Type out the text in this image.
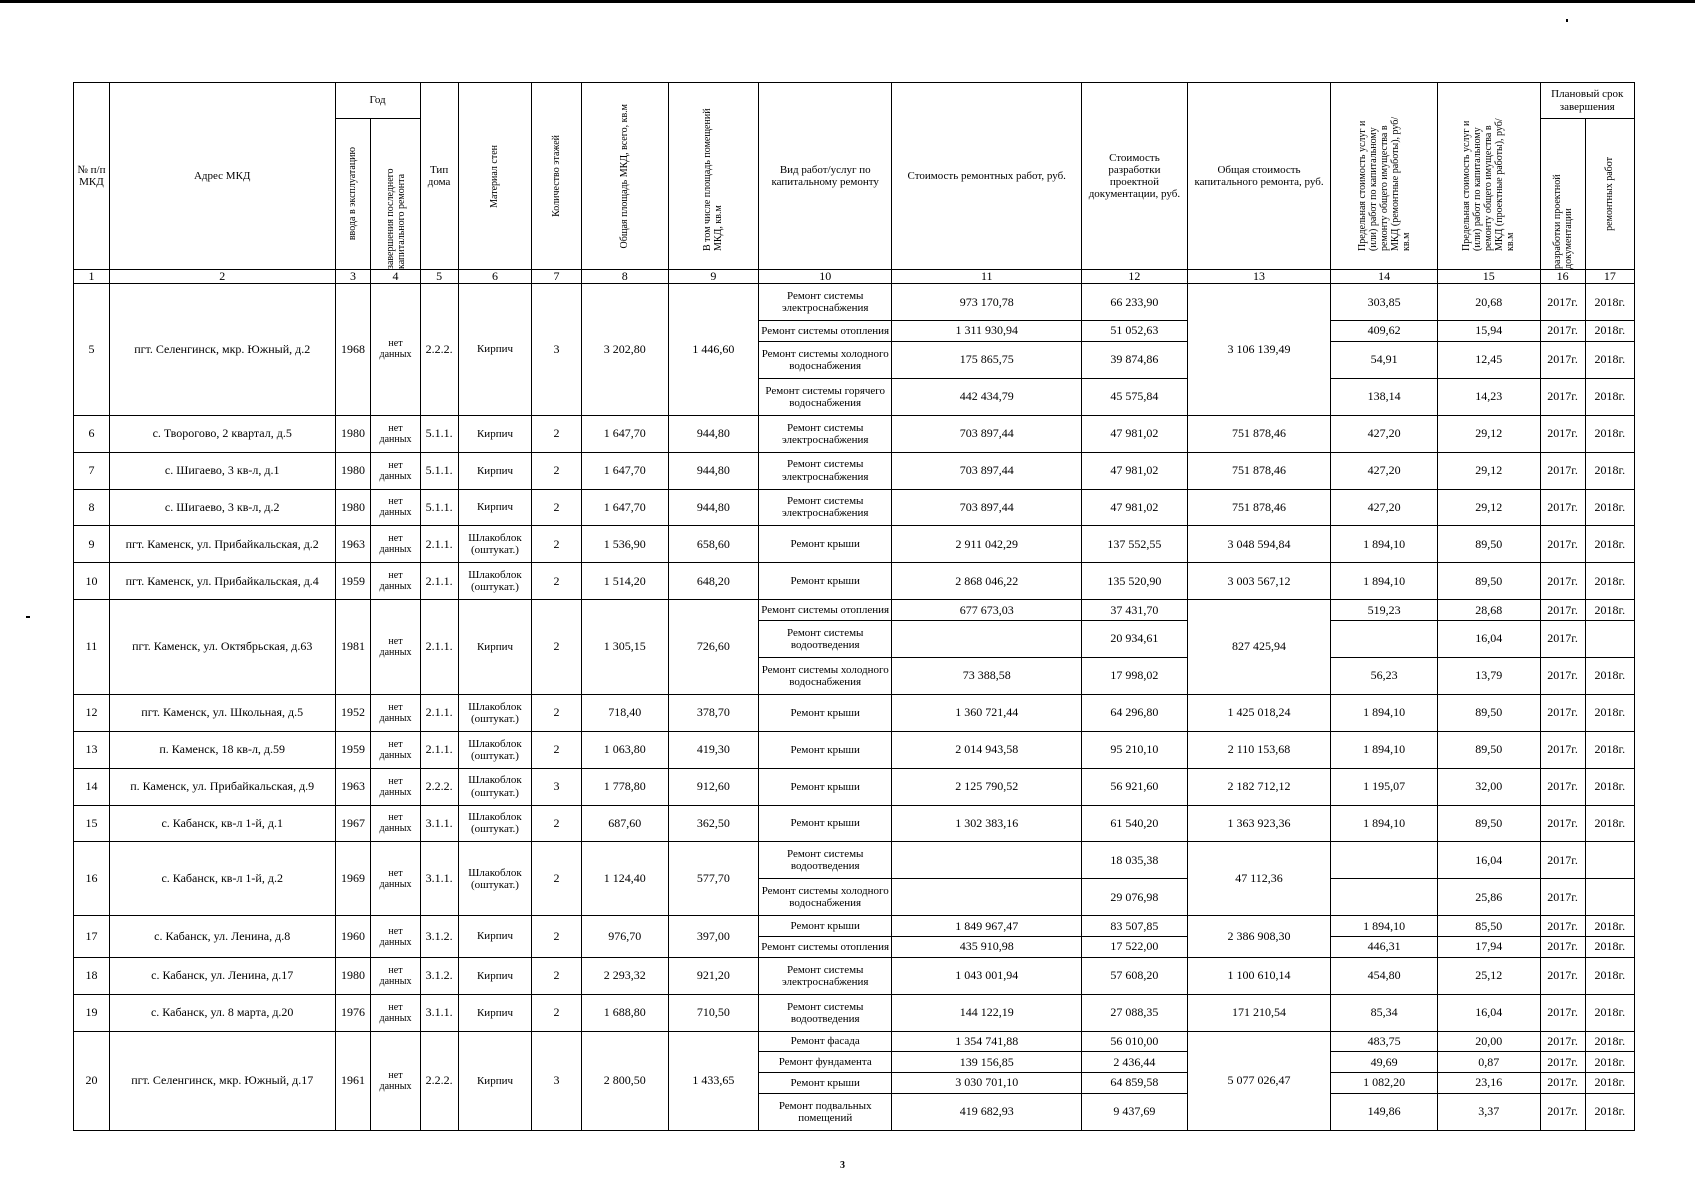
№ п/п МКД	Адрес МКД	Год		Тип дома	Материал стен	Количество этажей	Общая площадь МКД, всего, кв.м	В том числе площадь помещений МКД, кв.м	Вид работ/услуг по капитальному ремонту	Стоимость ремонтных работ, руб.	Стоимость разработки проектной документации, руб.	Общая стоимость капитального ремонта, руб.	Предельная стоимость услуг и (или) работ по капитальному ремонту общего имущества в МКД (ремонтные работы), руб/кв.м	Предельная стоимость услуг и (или) работ по капитальному ремонту общего имущества в МКД (проектные работы), руб/кв.м	Плановый срок завершения	

		ввода в эксплуатацию	завершения последнего капитального ремонта												разработки проектной документации	ремонтных работ

1	2	3	4	5	6	7	8	9	10	11	12	13	14	15	16	17
5	пгт. Селенгинск, мкр. Южный, д.2	1968	нет данных	2.2.2.	Кирпич	3	3 202,80	1 446,60	Ремонт системы электроснабжения	973 170,78	66 233,90	3 106 139,49	303,85	20,68	2017г.	2018г.
									Ремонт системы отопления	1 311 930,94	51 052,63		409,62	15,94	2017г.	2018г.
									Ремонт системы холодного водоснабжения	175 865,75	39 874,86		54,91	12,45	2017г.	2018г.
									Ремонт системы горячего водоснабжения	442 434,79	45 575,84		138,14	14,23	2017г.	2018г.
6	с. Творогово, 2 квартал, д.5	1980	нет данных	5.1.1.	Кирпич	2	1 647,70	944,80	Ремонт системы электроснабжения	703 897,44	47 981,02	751 878,46	427,20	29,12	2017г.	2018г.
7	с. Шигаево, 3 кв-л, д.1	1980	нет данных	5.1.1.	Кирпич	2	1 647,70	944,80	Ремонт системы электроснабжения	703 897,44	47 981,02	751 878,46	427,20	29,12	2017г.	2018г.
8	с. Шигаево, 3 кв-л, д.2	1980	нет данных	5.1.1.	Кирпич	2	1 647,70	944,80	Ремонт системы электроснабжения	703 897,44	47 981,02	751 878,46	427,20	29,12	2017г.	2018г.
9	пгт. Каменск, ул. Прибайкальская, д.2	1963	нет данных	2.1.1.	Шлакоблок (оштукат.)	2	1 536,90	658,60	Ремонт крыши	2 911 042,29	137 552,55	3 048 594,84	1 894,10	89,50	2017г.	2018г.
10	пгт. Каменск, ул. Прибайкальская, д.4	1959	нет данных	2.1.1.	Шлакоблок (оштукат.)	2	1 514,20	648,20	Ремонт крыши	2 868 046,22	135 520,90	3 003 567,12	1 894,10	89,50	2017г.	2018г.
11	пгт. Каменск, ул. Октябрьская, д.63	1981	нет данных	2.1.1.	Кирпич	2	1 305,15	726,60	Ремонт системы отопления	677 673,03	37 431,70	827 425,94	519,23	28,68	2017г.	2018г.
									Ремонт системы водоотведения		20 934,61			16,04	2017г.	
									Ремонт системы холодного водоснабжения	73 388,58	17 998,02		56,23	13,79	2017г.	2018г.
12	пгт. Каменск, ул. Школьная, д.5	1952	нет данных	2.1.1.	Шлакоблок (оштукат.)	2	718,40	378,70	Ремонт крыши	1 360 721,44	64 296,80	1 425 018,24	1 894,10	89,50	2017г.	2018г.
13	п. Каменск, 18 кв-л, д.59	1959	нет данных	2.1.1.	Шлакоблок (оштукат.)	2	1 063,80	419,30	Ремонт крыши	2 014 943,58	95 210,10	2 110 153,68	1 894,10	89,50	2017г.	2018г.
14	п. Каменск, ул. Прибайкальская, д.9	1963	нет данных	2.2.2.	Шлакоблок (оштукат.)	3	1 778,80	912,60	Ремонт крыши	2 125 790,52	56 921,60	2 182 712,12	1 195,07	32,00	2017г.	2018г.
15	с. Кабанск, кв-л 1-й, д.1	1967	нет данных	3.1.1.	Шлакоблок (оштукат.)	2	687,60	362,50	Ремонт крыши	1 302 383,16	61 540,20	1 363 923,36	1 894,10	89,50	2017г.	2018г.
16	с. Кабанск, кв-л 1-й, д.2	1969	нет данных	3.1.1.	Шлакоблок (оштукат.)	2	1 124,40	577,70	Ремонт системы водоотведения		18 035,38	47 112,36		16,04	2017г.	
									Ремонт системы холодного водоснабжения		29 076,98			25,86	2017г.	
17	с. Кабанск, ул. Ленина, д.8	1960	нет данных	3.1.2.	Кирпич	2	976,70	397,00	Ремонт крыши	1 849 967,47	83 507,85	2 386 908,30	1 894,10	85,50	2017г.	2018г.
									Ремонт системы отопления	435 910,98	17 522,00		446,31	17,94	2017г.	2018г.
18	с. Кабанск, ул. Ленина, д.17	1980	нет данных	3.1.2.	Кирпич	2	2 293,32	921,20	Ремонт системы электроснабжения	1 043 001,94	57 608,20	1 100 610,14	454,80	25,12	2017г.	2018г.
19	с. Кабанск, ул. 8 марта, д.20	1976	нет данных	3.1.1.	Кирпич	2	1 688,80	710,50	Ремонт системы водоотведения	144 122,19	27 088,35	171 210,54	85,34	16,04	2017г.	2018г.
20	пгт. Селенгинск, мкр. Южный, д.17	1961	нет данных	2.2.2.	Кирпич	3	2 800,50	1 433,65	Ремонт фасада	1 354 741,88	56 010,00	5 077 026,47	483,75	20,00	2017г.	2018г.
									Ремонт фундамента	139 156,85	2 436,44		49,69	0,87	2017г.	2018г.
									Ремонт крыши	3 030 701,10	64 859,58		1 082,20	23,16	2017г.	2018г.
									Ремонт подвальных помещений	419 682,93	9 437,69		149,86	3,37	2017г.	2018г.
3
